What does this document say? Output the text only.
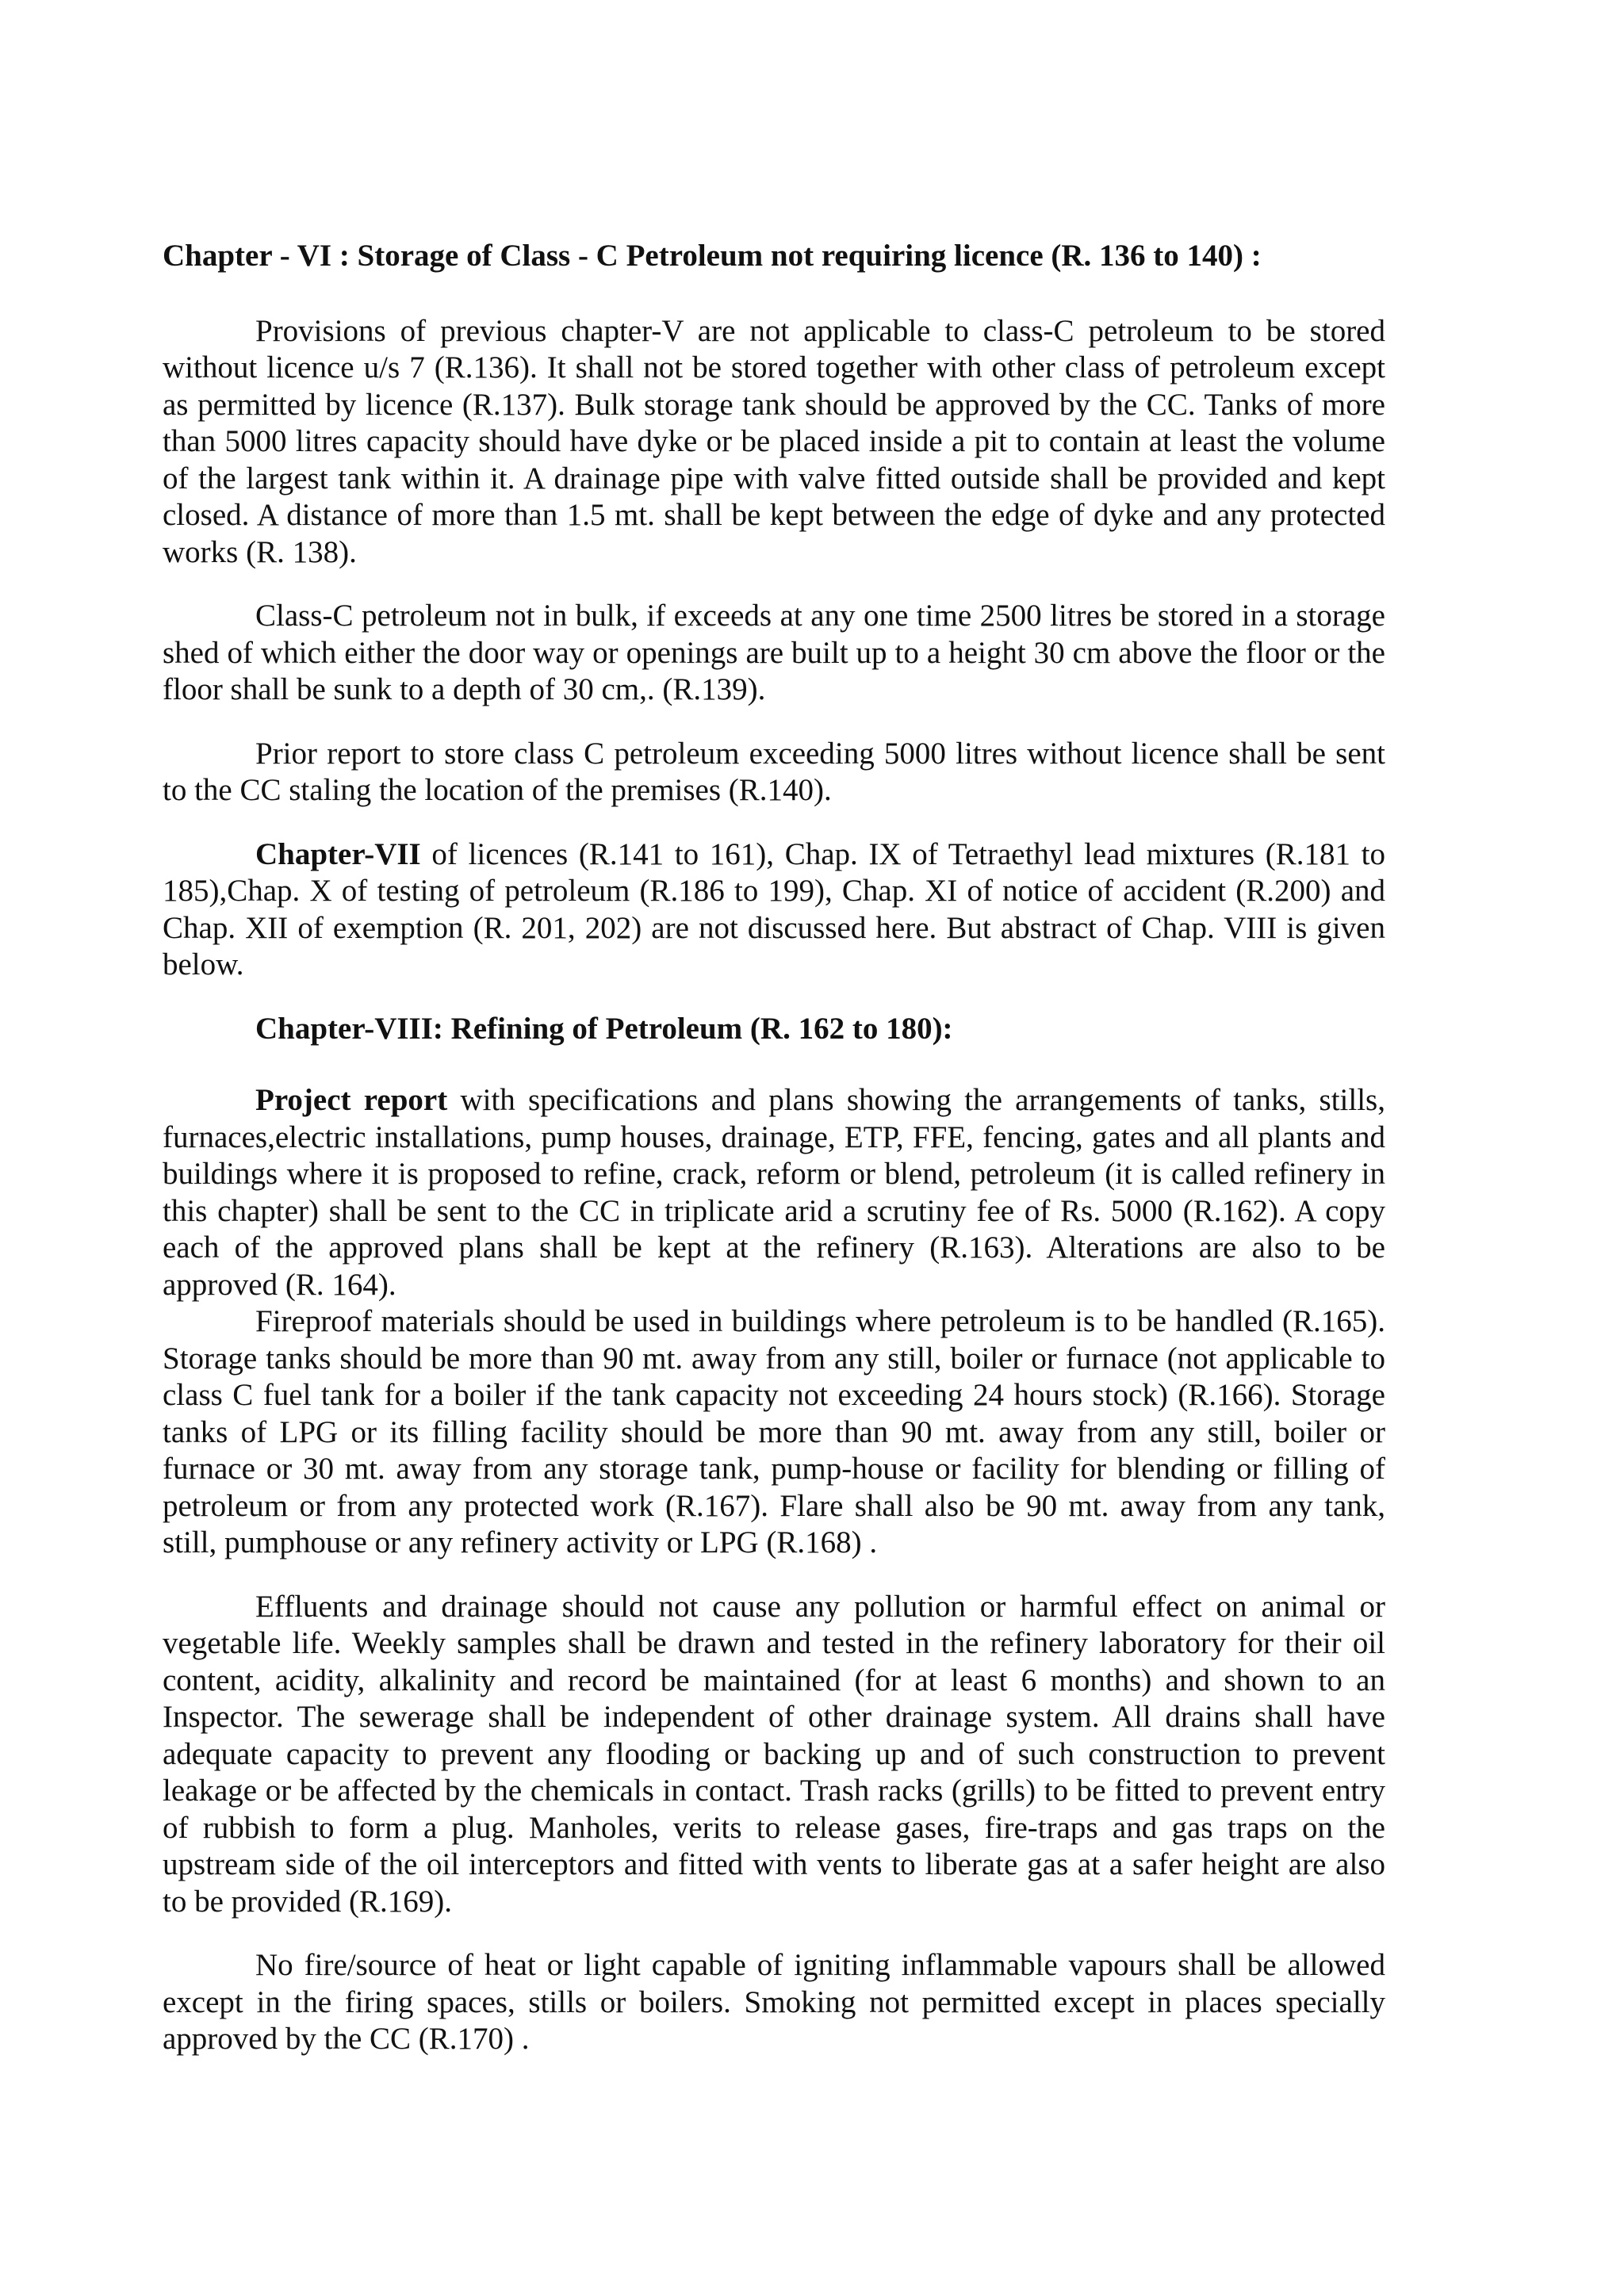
Chapter - VI : Storage of Class - C Petroleum not requiring licence (R. 136 to 140) :

Provisions of previous chapter-V are not applicable to class-C petroleum to be stored without licence u/s 7 (R.136). It shall not be stored together with other class of petroleum except as permitted by licence (R.137). Bulk storage tank should be approved by the CC. Tanks of more than 5000 litres capacity should have dyke or be placed inside a pit to contain at least the volume of the largest tank within it. A drainage pipe with valve fitted outside shall be provided and kept closed. A distance of more than 1.5 mt. shall be kept between the edge of dyke and any protected works (R. 138).

Class-C petroleum not in bulk, if exceeds at any one time 2500 litres be stored in a storage shed of which either the door way or openings are built up to a height 30 cm above the floor or the floor shall be sunk to a depth of 30 cm,. (R.139).

Prior report to store class C petroleum exceeding 5000 litres without licence shall be sent to the CC staling the location of the premises (R.140).

Chapter-VII of licences (R.141 to 161), Chap. IX of Tetraethyl lead mixtures (R.181 to 185),Chap. X of testing of petroleum (R.186 to 199), Chap. XI of notice of accident (R.200) and Chap. XII of exemption (R. 201, 202) are not discussed here. But abstract of Chap. VIII is given below.

Chapter-VIII: Refining of Petroleum (R. 162 to 180):

Project report with specifications and plans showing the arrangements of tanks, stills, furnaces,electric installations, pump houses, drainage, ETP, FFE, fencing, gates and all plants and buildings where it is proposed to refine, crack, reform or blend, petroleum (it is called refinery in this chapter) shall be sent to the CC in triplicate arid a scrutiny fee of Rs. 5000 (R.162). A copy each of the approved plans shall be kept at the refinery (R.163). Alterations are also to be approved (R. 164).

Fireproof materials should be used in buildings where petroleum is to be handled (R.165). Storage tanks should be more than 90 mt. away from any still, boiler or furnace (not applicable to class C fuel tank for a boiler if the tank capacity not exceeding 24 hours stock) (R.166). Storage tanks of LPG or its filling facility should be more than 90 mt. away from any still, boiler or furnace or 30 mt. away from any storage tank, pump-house or facility for blending or filling of petroleum or from any protected work (R.167). Flare shall also be 90 mt. away from any tank, still, pumphouse or any refinery activity or LPG (R.168) .

Effluents and drainage should not cause any pollution or harmful effect on animal or vegetable life. Weekly samples shall be drawn and tested in the refinery laboratory for their oil content, acidity, alkalinity and record be maintained (for at least 6 months) and shown to an Inspector. The sewerage shall be independent of other drainage system. All drains shall have adequate capacity to prevent any flooding or backing up and of such construction to prevent leakage or be affected by the chemicals in contact. Trash racks (grills) to be fitted to prevent entry of rubbish to form a plug. Manholes, verits to release gases, fire-traps and gas traps on the upstream side of the oil interceptors and fitted with vents to liberate gas at a safer height are also to be provided (R.169).

No fire/source of heat or light capable of igniting inflammable vapours shall be allowed except in the firing spaces, stills or boilers. Smoking not permitted except in places specially approved by the CC (R.170) .
